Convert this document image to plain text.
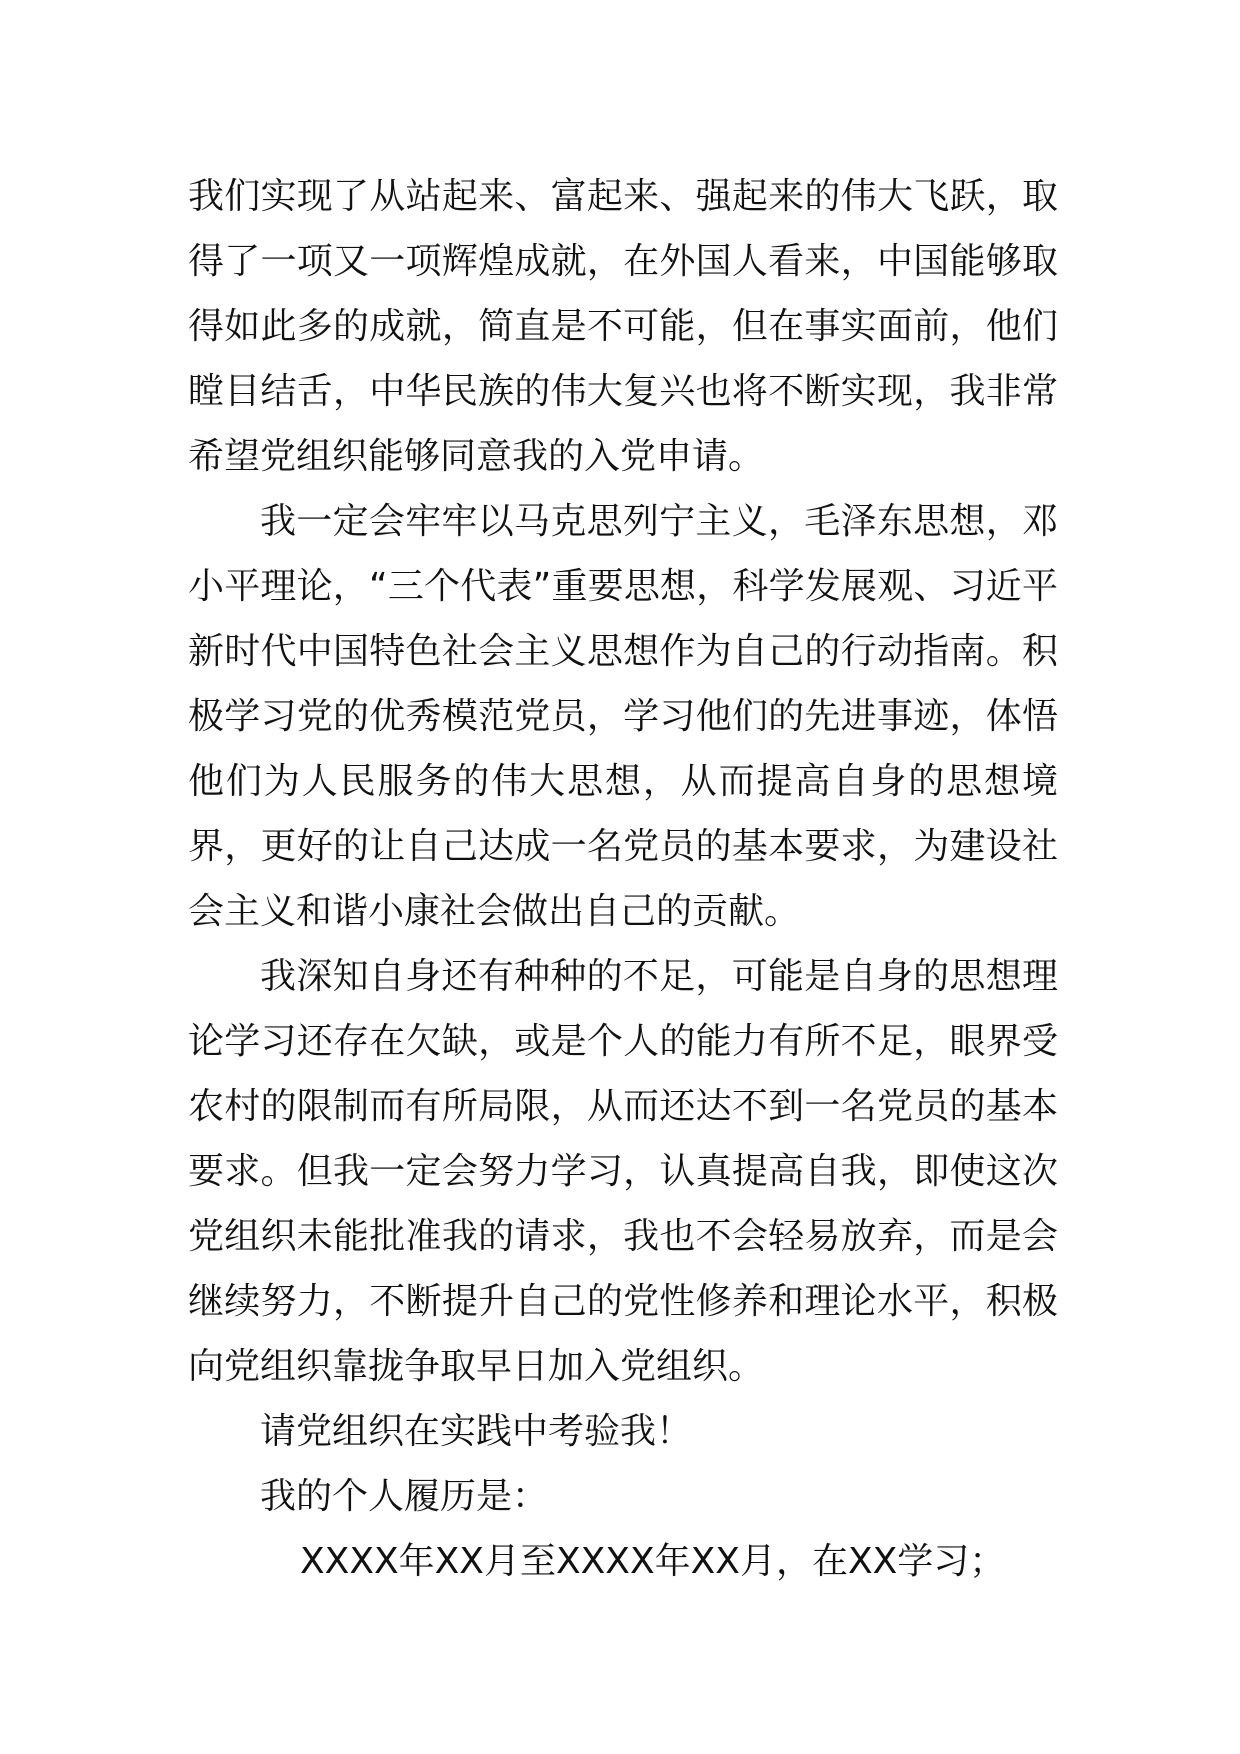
我们实现了从站起来、富起来、强起来的伟大飞跃，取得了一项又一项辉煌成就，在外国人看来，中国能够取得如此多的成就，简直是不可能，但在事实面前，他们瞠目结舌，中华民族的伟大复兴也将不断实现，我非常希望党组织能够同意我的入党申请。

我一定会牢牢以马克思列宁主义，毛泽东思想，邓小平理论，“三个代表”重要思想，科学发展观、习近平新时代中国特色社会主义思想作为自己的行动指南。积极学习党的优秀模范党员，学习他们的先进事迹，体悟他们为人民服务的伟大思想，从而提高自身的思想境界，更好的让自己达成一名党员的基本要求，为建设社会主义和谐小康社会做出自己的贡献。

我深知自身还有种种的不足，可能是自身的思想理论学习还存在欠缺，或是个人的能力有所不足，眼界受农村的限制而有所局限，从而还达不到一名党员的基本要求。但我一定会努力学习，认真提高自我，即使这次党组织未能批准我的请求，我也不会轻易放弃，而是会继续努力，不断提升自己的党性修养和理论水平，积极向党组织靠拢争取早日加入党组织。

请党组织在实践中考验我！

我的个人履历是：

XXXX年XX月至XXXX年XX月，在XX学习；
